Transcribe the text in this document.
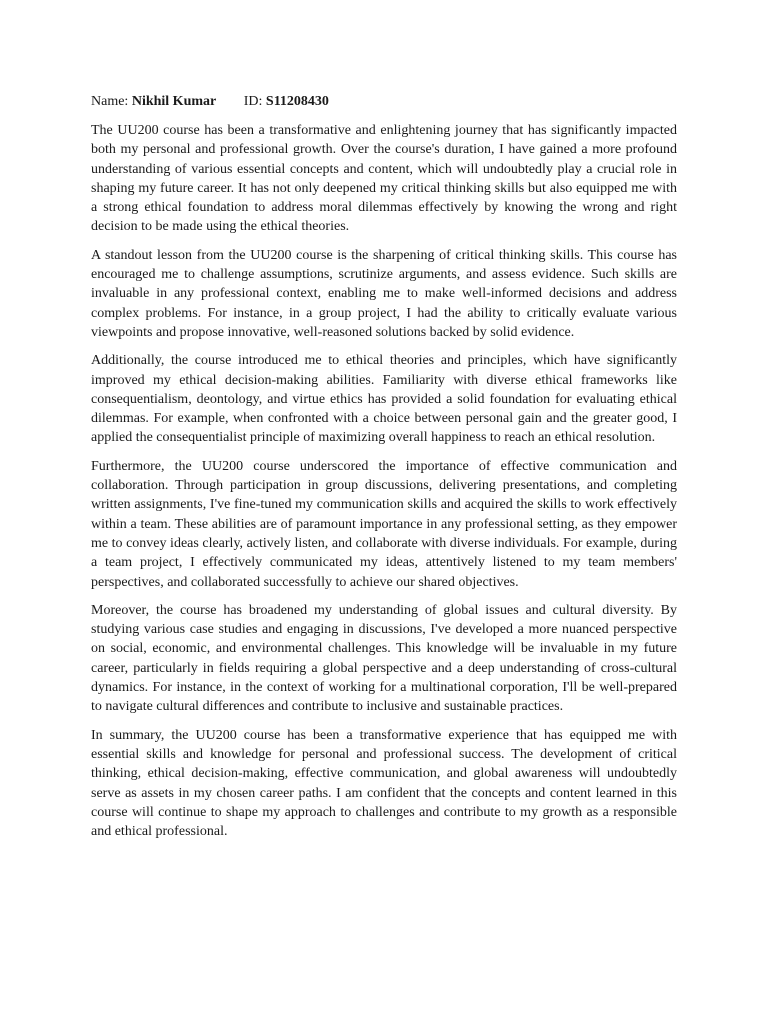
Name: Nikhil Kumar ID: S11208430

The UU200 course has been a transformative and enlightening journey that has significantly impacted both my personal and professional growth. Over the course's duration, I have gained a more profound understanding of various essential concepts and content, which will undoubtedly play a crucial role in shaping my future career. It has not only deepened my critical thinking skills but also equipped me with a strong ethical foundation to address moral dilemmas effectively by knowing the wrong and right decision to be made using the ethical theories.

A standout lesson from the UU200 course is the sharpening of critical thinking skills. This course has encouraged me to challenge assumptions, scrutinize arguments, and assess evidence. Such skills are invaluable in any professional context, enabling me to make well-informed decisions and address complex problems. For instance, in a group project, I had the ability to critically evaluate various viewpoints and propose innovative, well-reasoned solutions backed by solid evidence.

Additionally, the course introduced me to ethical theories and principles, which have significantly improved my ethical decision-making abilities. Familiarity with diverse ethical frameworks like consequentialism, deontology, and virtue ethics has provided a solid foundation for evaluating ethical dilemmas. For example, when confronted with a choice between personal gain and the greater good, I applied the consequentialist principle of maximizing overall happiness to reach an ethical resolution.

Furthermore, the UU200 course underscored the importance of effective communication and collaboration. Through participation in group discussions, delivering presentations, and completing written assignments, I've fine-tuned my communication skills and acquired the skills to work effectively within a team. These abilities are of paramount importance in any professional setting, as they empower me to convey ideas clearly, actively listen, and collaborate with diverse individuals. For example, during a team project, I effectively communicated my ideas, attentively listened to my team members' perspectives, and collaborated successfully to achieve our shared objectives.

Moreover, the course has broadened my understanding of global issues and cultural diversity. By studying various case studies and engaging in discussions, I've developed a more nuanced perspective on social, economic, and environmental challenges. This knowledge will be invaluable in my future career, particularly in fields requiring a global perspective and a deep understanding of cross-cultural dynamics. For instance, in the context of working for a multinational corporation, I'll be well-prepared to navigate cultural differences and contribute to inclusive and sustainable practices.

In summary, the UU200 course has been a transformative experience that has equipped me with essential skills and knowledge for personal and professional success. The development of critical thinking, ethical decision-making, effective communication, and global awareness will undoubtedly serve as assets in my chosen career paths. I am confident that the concepts and content learned in this course will continue to shape my approach to challenges and contribute to my growth as a responsible and ethical professional.
